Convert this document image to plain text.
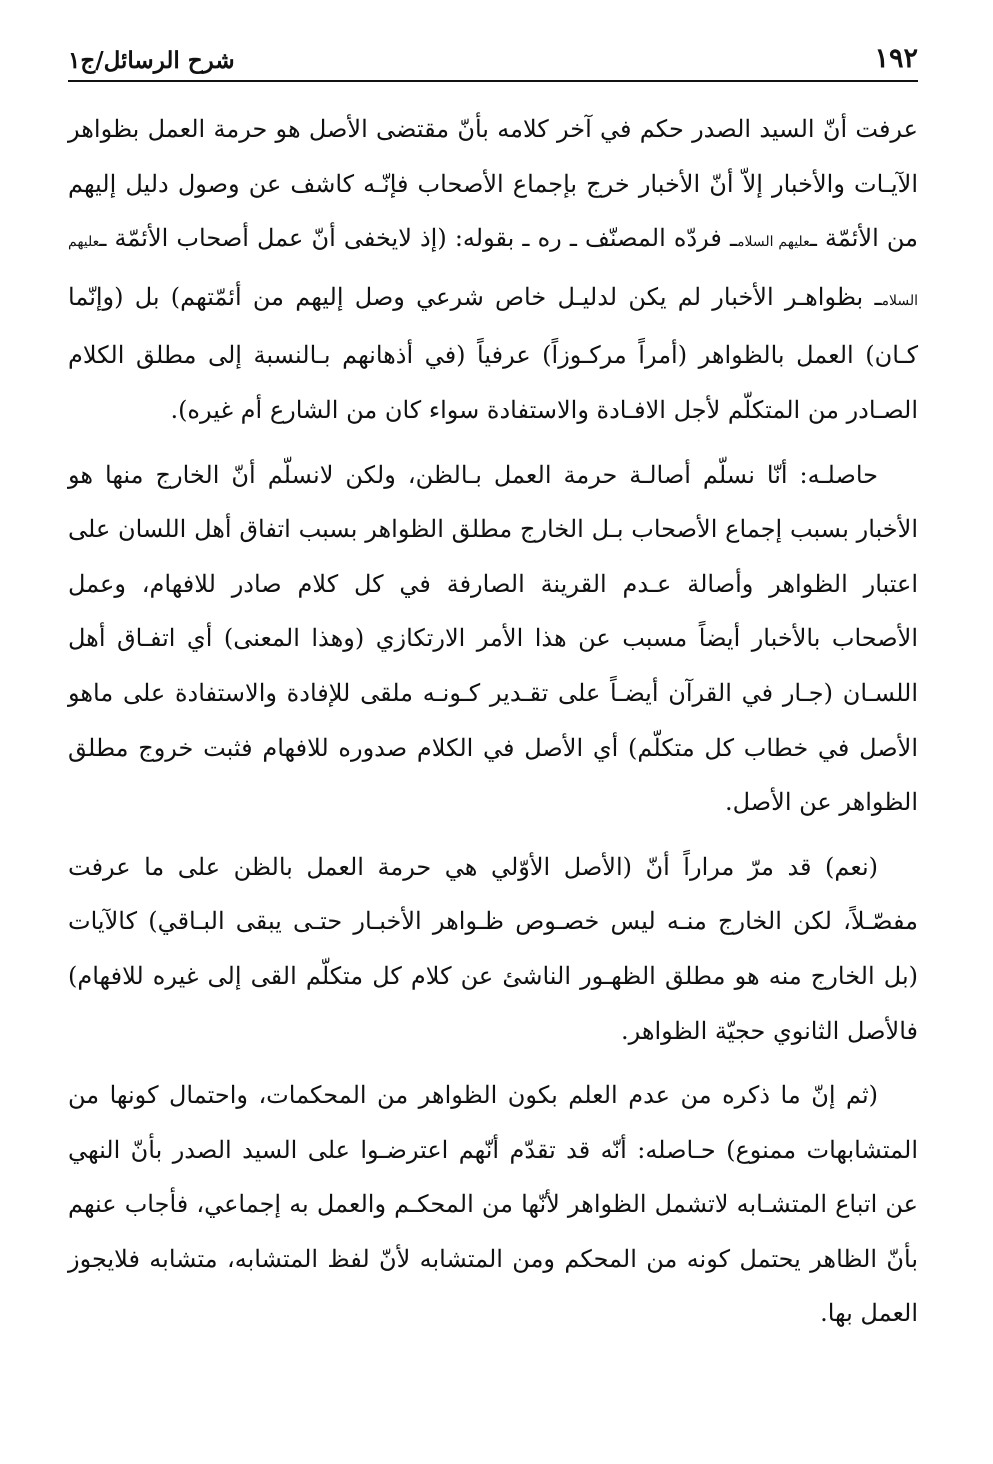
١٩٢
شرح الرسائل/ج١

عرفت أنّ السيد الصدر حكم في آخر كلامه بأنّ مقتضى الأصل هو حرمة العمل بظواهر الآيـات والأخبار إلاّ أنّ الأخبار خرج بإجماع الأصحاب فإنّـه كاشف عن وصول دليل إليهم من الأئمّة ـعليهم السلامـ فردّه المصنّف ـ ره ـ بقوله: (إذ لايخفى أنّ عمل أصحاب الأئمّة ـعليهم السلامـ بظواهـر الأخبار لم يكن لدليـل خاص شرعي وصل إليهم من أئمّتهم) بل (وإنّما كـان) العمل بالظواهر (أمراً مركـوزاً) عرفياً (في أذهانهم بـالنسبة إلى مطلق الكلام الصـادر من المتكلّم لأجل الافـادة والاستفادة سواء كان من الشارع أم غيره).

حاصلـه: أنّا نسلّم أصالـة حرمة العمل بـالظن، ولكن لانسلّم أنّ الخارج منها هو الأخبار بسبب إجماع الأصحاب بـل الخارج مطلق الظواهر بسبب اتفاق أهل اللسان على اعتبار الظواهر وأصالة عـدم القرينة الصارفة في كل كلام صادر للافهام، وعمل الأصحاب بالأخبار أيضاً مسبب عن هذا الأمر الارتكازي (وهذا المعنى) أي اتفـاق أهل اللسـان (جـار في القرآن أيضـاً على تقـدير كـونـه ملقى للإفادة والاستفادة على ماهو الأصل في خطاب كل متكلّم) أي الأصل في الكلام صدوره للافهام فثبت خروج مطلق الظواهر عن الأصل.

(نعم) قد مرّ مراراً أنّ (الأصل الأوّلي هي حرمة العمل بالظن على ما عرفت مفصّـلاً، لكن الخارج منـه ليس خصـوص ظـواهر الأخبـار حتـى يبقى البـاقي) كالآيات (بل الخارج منه هو مطلق الظهـور الناشئ عن كلام كل متكلّم القى إلى غيره للافهام) فالأصل الثانوي حجيّة الظواهر.

(ثم إنّ ما ذكره من عدم العلم بكون الظواهر من المحكمات، واحتمال كونها من المتشابهات ممنوع) حـاصله: أنّه قد تقدّم أنّهم اعترضـوا على السيد الصدر بأنّ النهي عن اتباع المتشـابه لاتشمل الظواهر لأنّها من المحكـم والعمل به إجماعي، فأجاب عنهم بأنّ الظاهر يحتمل كونه من المحكم ومن المتشابه لأنّ لفظ المتشابه، متشابه فلايجوز العمل بها.
